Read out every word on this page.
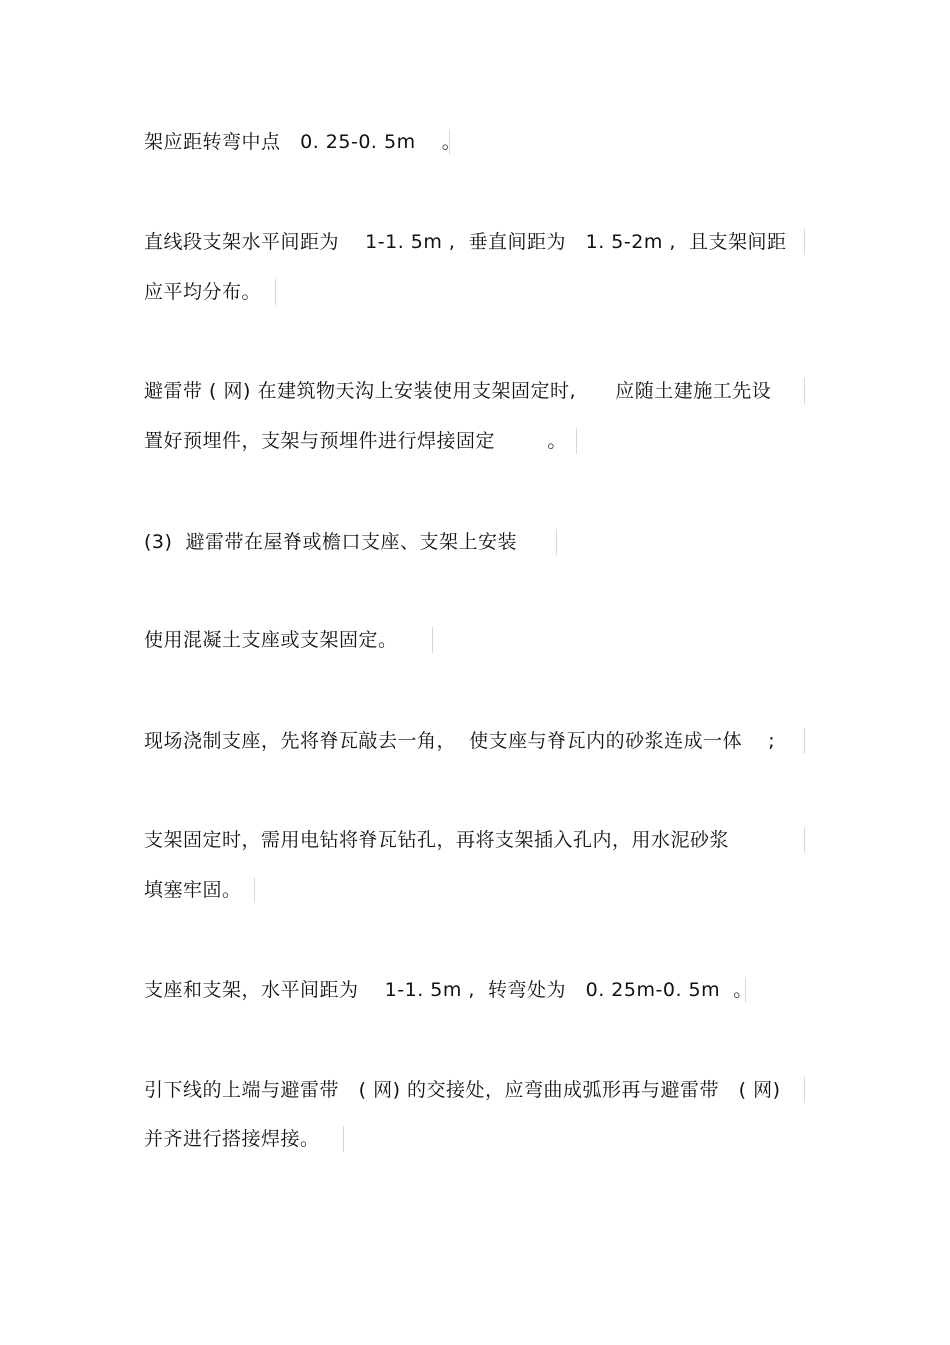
架应距转弯中点   0. 25-0. 5m    。
直线段支架水平间距为    1-1. 5m ,  垂直间距为   1. 5-2m ,  且支架间距
应平均分布。
避雷带 ( 网) 在建筑物天沟上安装使用支架固定时,      应随土建施工先设
置好预埋件，支架与预埋件进行焊接固定        。
(3)  避雷带在屋脊或檐口支座、支架上安装
使用混凝土支座或支架固定。
现场浇制支座，先将脊瓦敲去一角，  使支座与脊瓦内的砂浆连成一体    ;
支架固定时，需用电钻将脊瓦钻孔，再将支架插入孔内，用水泥砂浆
填塞牢固。
支座和支架，水平间距为    1-1. 5m ,  转弯处为   0. 25m-0. 5m  。
引下线的上端与避雷带   ( 网) 的交接处，应弯曲成弧形再与避雷带   ( 网)
并齐进行搭接焊接。
